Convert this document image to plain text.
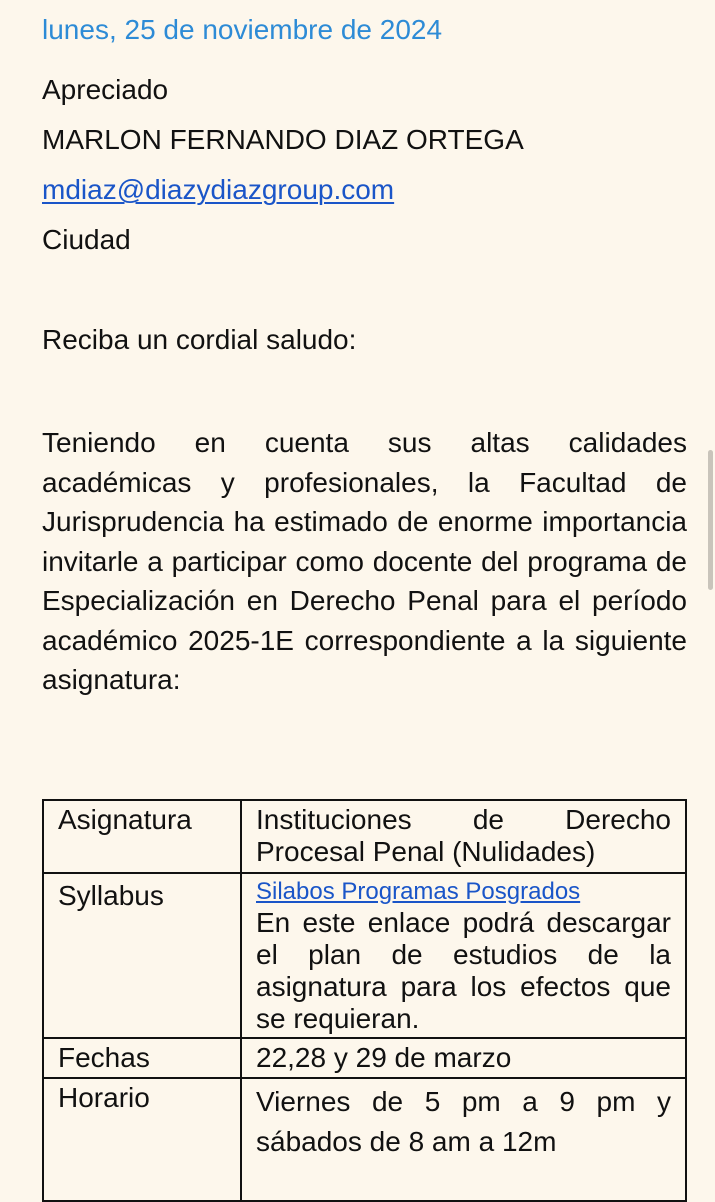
lunes, 25 de noviembre de 2024
Apreciado
MARLON FERNANDO DIAZ ORTEGA
mdiaz@diazydiazgroup.com
Ciudad
Reciba un cordial saludo:
Teniendo en cuenta sus altas calidades académicas y profesionales, la Facultad de Jurisprudencia ha estimado de enorme importancia invitarle a participar como docente del programa de Especialización en Derecho Penal para el período académico 2025-1E correspondiente a la siguiente asignatura:
Asignatura	Instituciones de Derecho Procesal Penal (Nulidades)
Syllabus	Silabos Programas Posgrados
En este enlace podrá descargar el plan de estudios de la asignatura para los efectos que se requieran.

Fechas	22,28 y 29 de marzo
Horario	Viernes de 5 pm a 9 pm y sábados de 8 am a 12m
